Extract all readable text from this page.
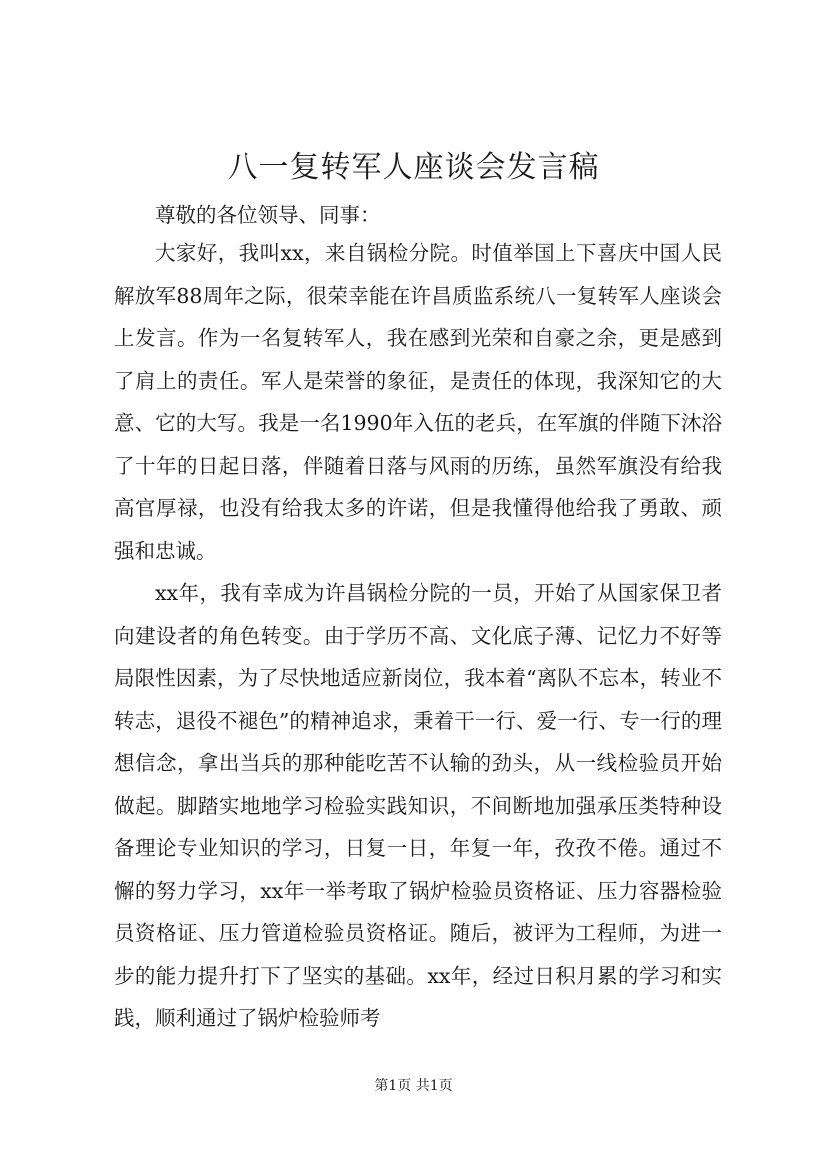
八一复转军人座谈会发言稿

尊敬的各位领导、同事：

大家好，我叫xx，来自锅检分院。时值举国上下喜庆中国人民解放军88周年之际，很荣幸能在许昌质监系统八一复转军人座谈会上发言。作为一名复转军人，我在感到光荣和自豪之余，更是感到了肩上的责任。军人是荣誉的象征，是责任的体现，我深知它的大意、它的大写。我是一名1990年入伍的老兵，在军旗的伴随下沐浴了十年的日起日落，伴随着日落与风雨的历练，虽然军旗没有给我高官厚禄，也没有给我太多的许诺，但是我懂得他给我了勇敢、顽强和忠诚。

xx年，我有幸成为许昌锅检分院的一员，开始了从国家保卫者向建设者的角色转变。由于学历不高、文化底子薄、记忆力不好等局限性因素，为了尽快地适应新岗位，我本着“离队不忘本，转业不转志，退役不褪色”的精神追求，秉着干一行、爱一行、专一行的理想信念，拿出当兵的那种能吃苦不认输的劲头，从一线检验员开始做起。脚踏实地地学习检验实践知识，不间断地加强承压类特种设备理论专业知识的学习，日复一日，年复一年，孜孜不倦。通过不懈的努力学习，xx年一举考取了锅炉检验员资格证、压力容器检验员资格证、压力管道检验员资格证。随后，被评为工程师，为进一步的能力提升打下了坚实的基础。xx年，经过日积月累的学习和实践，顺利通过了锅炉检验师考

第1页 共1页
